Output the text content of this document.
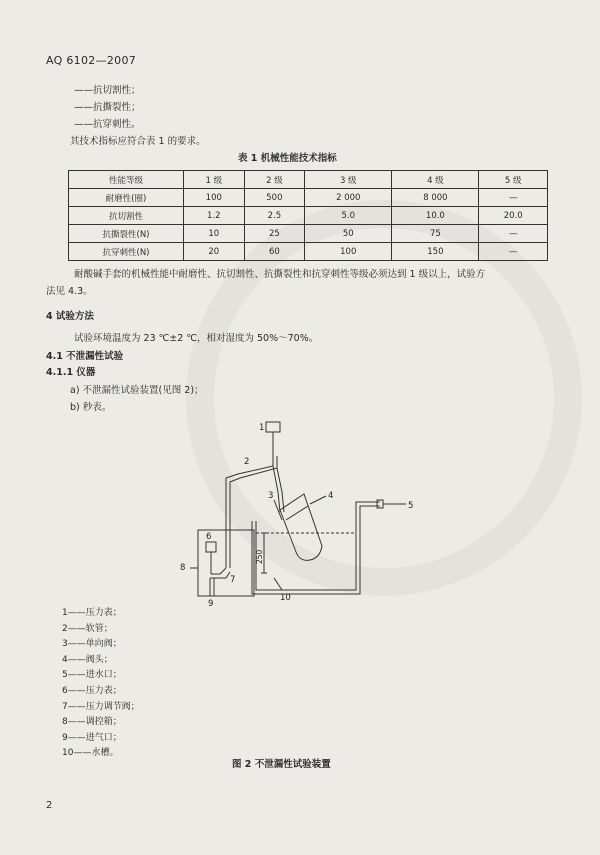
AQ 6102—2007
——抗切割性；
——抗撕裂性；
——抗穿刺性。
其技术指标应符合表 1 的要求。
表 1 机械性能技术指标
性能等级	1 级	2 级	3 级	4 级	5 级
耐磨性(圈)	100	500	2 000	8 000	—
抗切割性	1.2	2.5	5.0	10.0	20.0
抗撕裂性(N)	10	25	50	75	—
抗穿刺性(N)	20	60	100	150	—
耐酸碱手套的机械性能中耐磨性、抗切割性、抗撕裂性和抗穿刺性等级必须达到 1 级以上，试验方
法见 4.3。
4 试验方法
试验环境温度为 23 ℃±2 ℃，相对湿度为 50%～70%。
4.1 不泄漏性试验
4.1.1 仪器
a) 不泄漏性试验装置(见图 2)；
b) 秒表。
1
2
3	4
5
6
7
8
9
10
250
1——压力表；
2——软管；
3——单向阀；
4——阀头；
5——进水口；
6——压力表；
7——压力调节阀；
8——调控箱；
9——进气口；
10——水槽。
图 2 不泄漏性试验装置
2
